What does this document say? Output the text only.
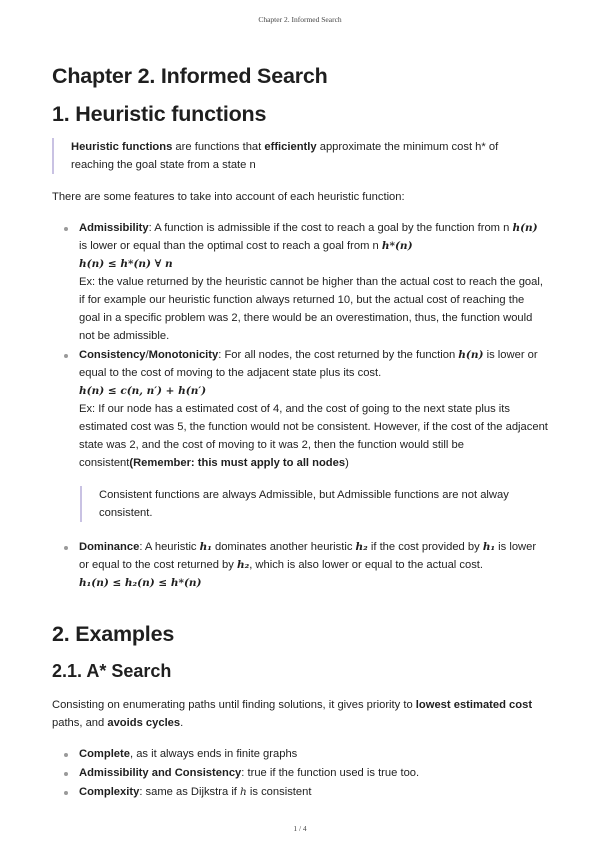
Chapter 2. Informed Search
Chapter 2. Informed Search
1. Heuristic functions
Heuristic functions are functions that efficiently approximate the minimum cost h* of reaching the goal state from a state n
There are some features to take into account of each heuristic function:
Admissibility: A function is admissible if the cost to reach a goal by the function from n h(n) is lower or equal than the optimal cost to reach a goal from n h*(n)
h(n) ≤ h*(n) ∀ n
Ex: the value returned by the heuristic cannot be higher than the actual cost to reach the goal, if for example our heuristic function always returned 10, but the actual cost of reaching the goal in a specific problem was 2, there would be an overestimation, thus, the function would not be admissible.
Consistency/Monotonicity: For all nodes, the cost returned by the function h(n) is lower or equal to the cost of moving to the adjacent state plus its cost.
h(n) ≤ c(n, n′) + h(n′)
Ex: If our node has a estimated cost of 4, and the cost of going to the next state plus its estimated cost was 5, the function would not be consistent. However, if the cost of the adjacent state was 2, and the cost of moving to it was 2, then the function would still be consistent(Remember: this must apply to all nodes)
Consistent functions are always Admissible, but Admissible functions are not alway consistent.
Dominance: A heuristic h₁ dominates another heuristic h₂ if the cost provided by h₁ is lower or equal to the cost returned by h₂, which is also lower or equal to the actual cost.
h₁(n) ≤ h₂(n) ≤ h*(n)
2. Examples
2.1. A* Search
Consisting on enumerating paths until finding solutions, it gives priority to lowest estimated cost paths, and avoids cycles.
Complete, as it always ends in finite graphs
Admissibility and Consistency: true if the function used is true too.
Complexity: same as Dijkstra if h is consistent
1 / 4
